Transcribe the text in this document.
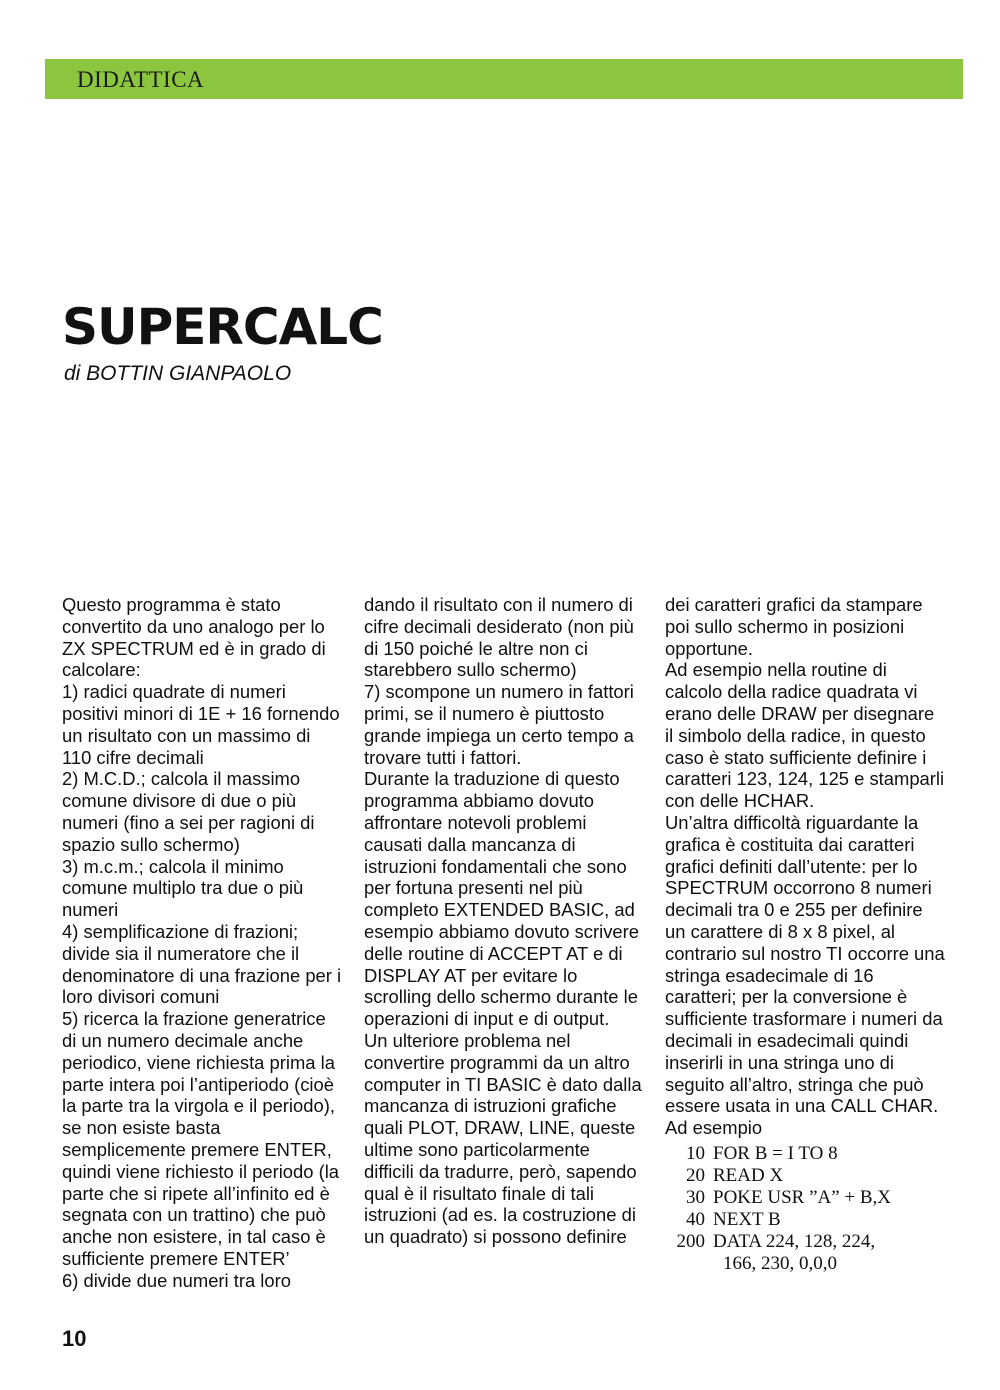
DIDATTICA
SUPERCALC
di BOTTIN GIANPAOLO

Questo programma è stato convertito da uno analogo per lo ZX SPECTRUM ed è in grado di calcolare:

1) radici quadrate di numeri positivi minori di 1E + 16 fornendo un risultato con un massimo di 110 cifre decimali

2) M.C.D.; calcola il massimo comune divisore di due o più numeri (fino a sei per ragioni di spazio sullo schermo)

3) m.c.m.; calcola il minimo comune multiplo tra due o più numeri

4) semplificazione di frazioni; divide sia il numeratore che il denominatore di una frazione per i loro divisori comuni

5) ricerca la frazione generatrice di un numero decimale anche periodico, viene richiesta prima la parte intera poi l’antiperiodo (cioè la parte tra la virgola e il periodo), se non esiste basta semplicemente premere ENTER, quindi viene richiesto il periodo (la parte che si ripete all’infinito ed è segnata con un trattino) che può anche non esistere, in tal caso è sufficiente premere ENTER’

6) divide due numeri tra loro

dando il risultato con il numero di cifre decimali desiderato (non più di 150 poiché le altre non ci starebbero sullo schermo)

7) scompone un numero in fattori primi, se il numero è piuttosto grande impiega un certo tempo a trovare tutti i fattori.

Durante la traduzione di questo programma abbiamo dovuto affrontare notevoli problemi causati dalla mancanza di istruzioni fondamentali che sono per fortuna presenti nel più completo EXTENDED BASIC, ad esempio abbiamo dovuto scrivere delle routine di ACCEPT AT e di DISPLAY AT per evitare lo scrolling dello schermo durante le operazioni di input e di output.

Un ulteriore problema nel convertire programmi da un altro computer in TI BASIC è dato dalla mancanza di istruzioni grafiche quali PLOT, DRAW, LINE, queste ultime sono particolarmente difficili da tradurre, però, sapendo qual è il risultato finale di tali istruzioni (ad es. la costruzione di un quadrato) si possono definire

dei caratteri grafici da stampare poi sullo schermo in posizioni opportune.

Ad esempio nella routine di calcolo della radice quadrata vi erano delle DRAW per disegnare il simbolo della radice, in questo caso è stato sufficiente definire i caratteri 123, 124, 125 e stamparli con delle HCHAR.

Un’altra difficoltà riguardante la grafica è costituita dai caratteri grafici definiti dall’utente: per lo SPECTRUM occorrono 8 numeri decimali tra 0 e 255 per definire un carattere di 8 x 8 pixel, al contrario sul nostro TI occorre una stringa esadecimale di 16 caratteri; per la conversione è sufficiente trasformare i numeri da decimali in esadecimali quindi inserirli in una stringa uno di seguito all’altro, stringa che può essere usata in una CALL CHAR.

Ad esempio

10 FOR B = I TO 8
20 READ X
30 POKE USR ”A” + B,X
40 NEXT B
200 DATA 224, 128, 224,
166, 230, 0,0,0
10
